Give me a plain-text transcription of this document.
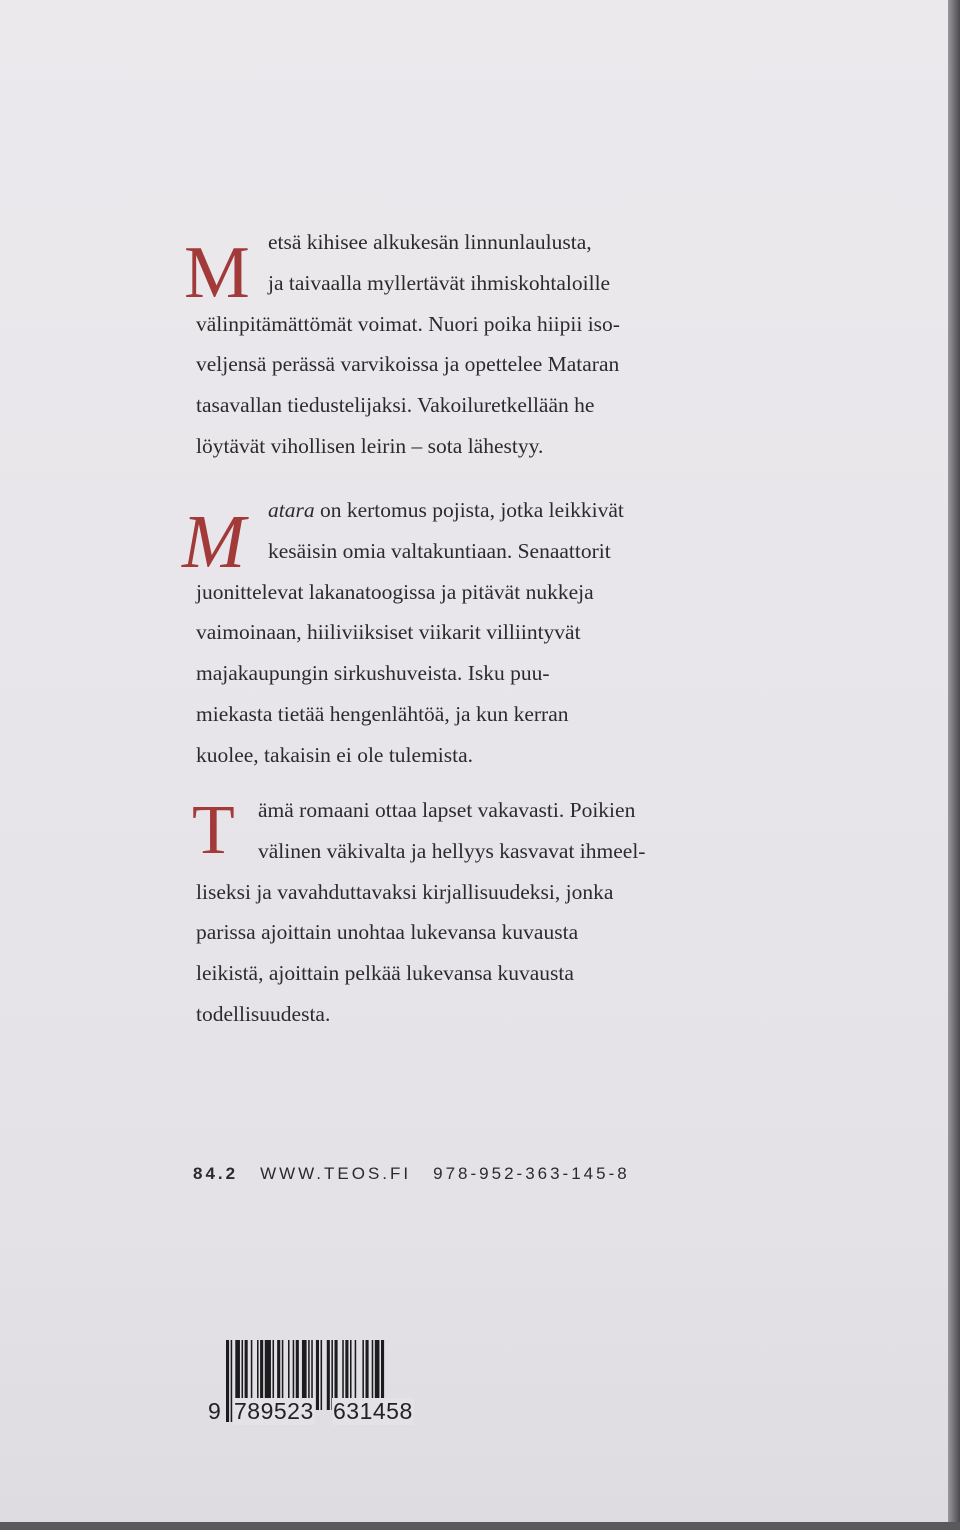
M etsä kihisee alkukesän linnunlaulusta,
ja taivaalla myllertävät ihmiskohtaloille
välinpitämättömät voimat. Nuori poika hiipii iso-
veljensä perässä varvikoissa ja opettelee Mataran
tasavallan tiedustelijaksi. Vakoiluretkellään he
löytävät vihollisen leirin – sota lähestyy.
M	atara on kertomus pojista, jotka leikkivät
kesäisin omia valtakuntiaan. Senaattorit
juonittelevat lakanatoogissa ja pitävät nukkeja
vaimoinaan, hiiliviiksiset viikarit villiintyvät
majakaupungin sirkushuveista. Isku puu-
miekasta tietää hengenlähtöä, ja kun kerran
kuolee, takaisin ei ole tulemista.
T	ämä romaani ottaa lapset vakavasti. Poikien
välinen väkivalta ja hellyys kasvavat ihmeel-
liseksi ja vavahduttavaksi kirjallisuudeksi, jonka
parissa ajoittain unohtaa lukevansa kuvausta
leikistä, ajoittain pelkää lukevansa kuvausta
todellisuudesta.
84.2 WWW.TEOS.FI 978-952-363-145-8
9 789523 631458
